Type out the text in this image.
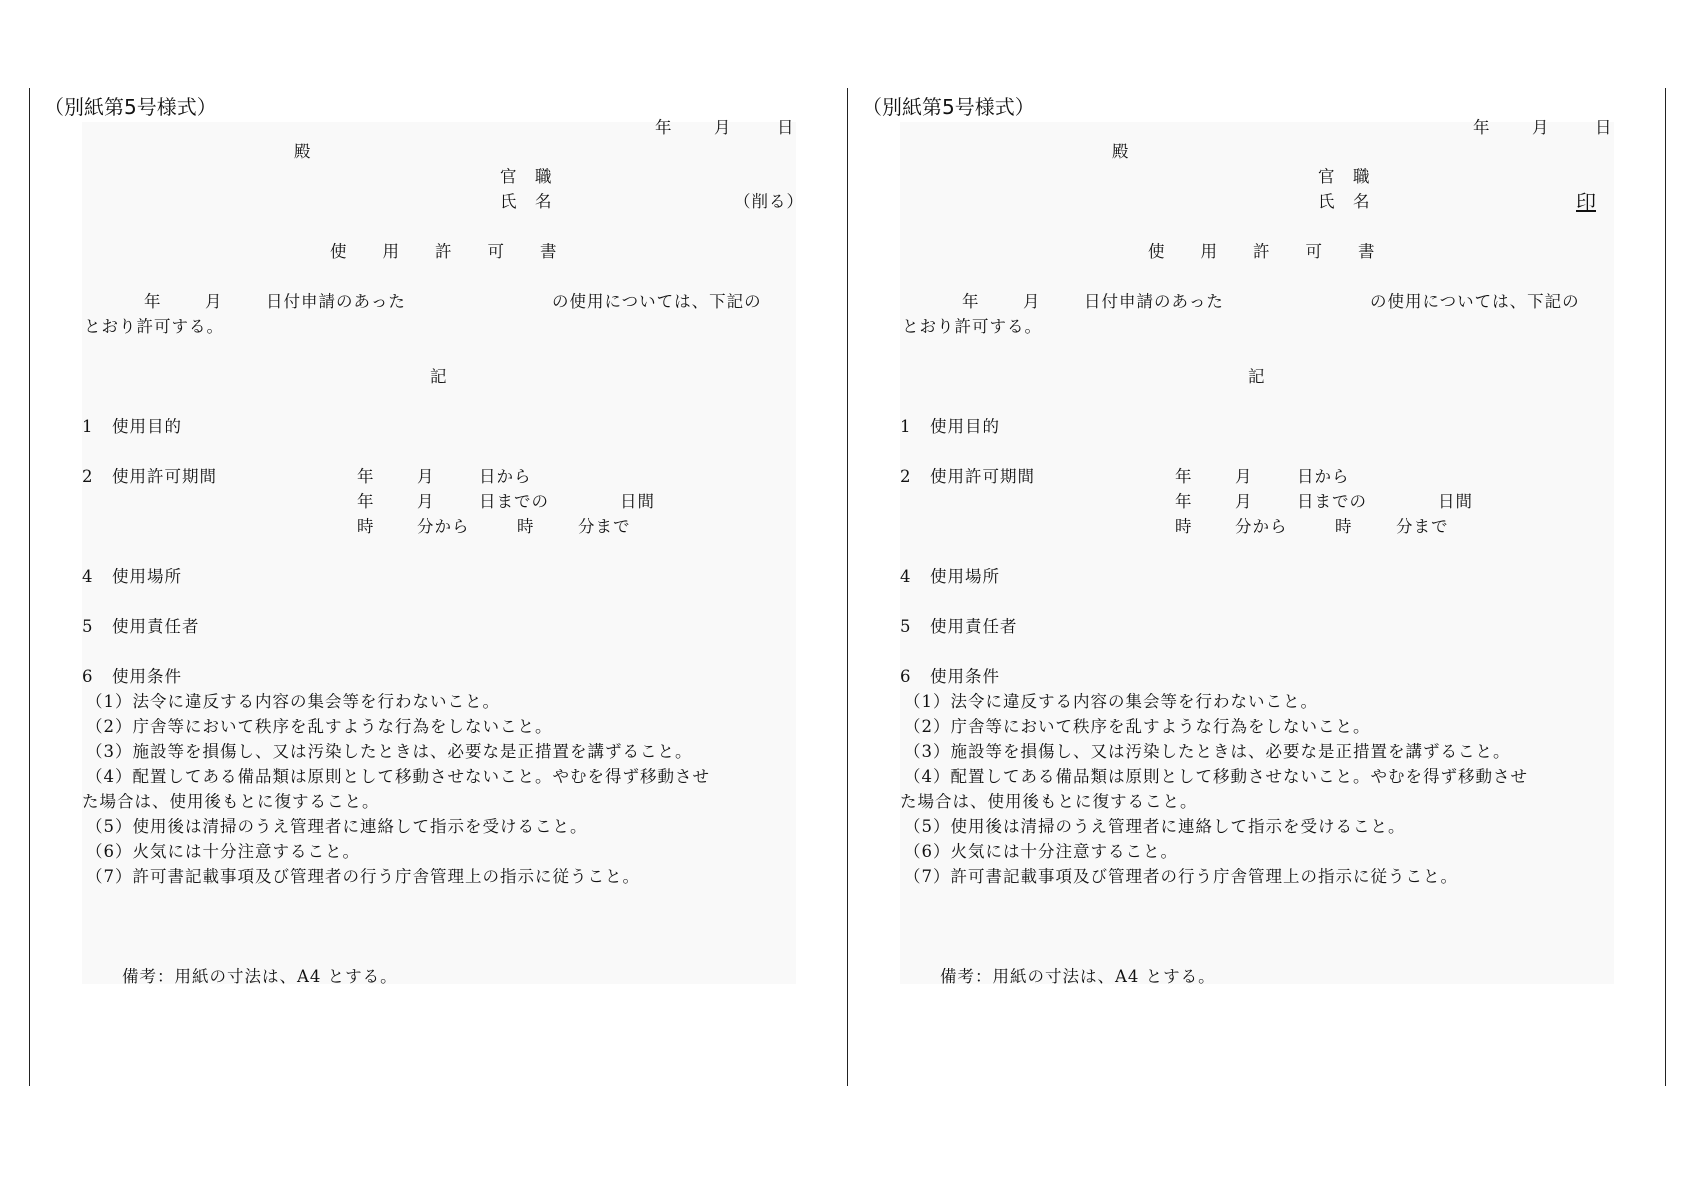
（別紙第5号様式）
年	月	日
殿
官　職
氏　名	（削る）
使　　用　　許　　可　　書
年	月	日付申請のあった	の使用については、下記の
とおり許可する。
記
1 使用目的
2 使用許可期間	年	月	日から
年	月	日までの	日間
時	分から	時	分まで
4 使用場所
5 使用責任者
6 使用条件
（1）法令に違反する内容の集会等を行わないこと。
（2）庁舎等において秩序を乱すような行為をしないこと。
（3）施設等を損傷し、又は汚染したときは、必要な是正措置を講ずること。
（4）配置してある備品類は原則として移動させないこと。やむを得ず移動させ
た場合は、使用後もとに復すること。
（5）使用後は清掃のうえ管理者に連絡して指示を受けること。
（6）火気には十分注意すること。
（7）許可書記載事項及び管理者の行う庁舎管理上の指示に従うこと。
備考：用紙の寸法は、A4 とする。
（別紙第5号様式）
年	月	日
殿
官　職
氏　名	印
使　　用　　許　　可　　書
年	月	日付申請のあった	の使用については、下記の
とおり許可する。
記
1 使用目的
2 使用許可期間	年	月	日から
年	月	日までの	日間
時	分から	時	分まで
4 使用場所
5 使用責任者
6 使用条件
（1）法令に違反する内容の集会等を行わないこと。
（2）庁舎等において秩序を乱すような行為をしないこと。
（3）施設等を損傷し、又は汚染したときは、必要な是正措置を講ずること。
（4）配置してある備品類は原則として移動させないこと。やむを得ず移動させ
た場合は、使用後もとに復すること。
（5）使用後は清掃のうえ管理者に連絡して指示を受けること。
（6）火気には十分注意すること。
（7）許可書記載事項及び管理者の行う庁舎管理上の指示に従うこと。
備考：用紙の寸法は、A4 とする。
